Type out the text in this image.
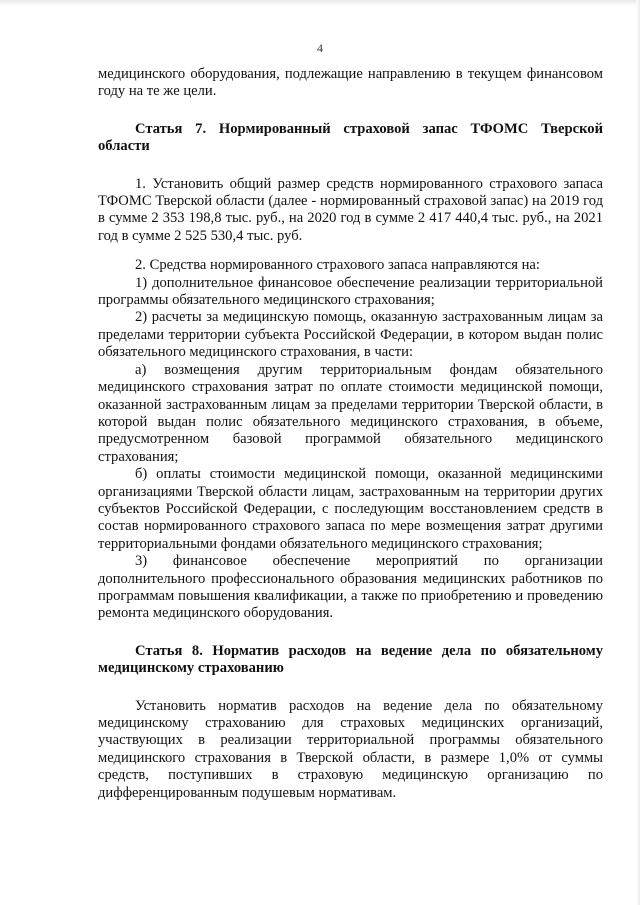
4

медицинского оборудования, подлежащие направлению в текущем финансовом году на те же цели.

Статья 7. Нормированный страховой запас ТФОМС Тверской области

1. Установить общий размер средств нормированного страхового запаса ТФОМС Тверской области (далее - нормированный страховой запас) на 2019 год в сумме 2 353 198,8 тыс. руб., на 2020 год в сумме 2 417 440,4 тыс. руб., на 2021 год в сумме 2 525 530,4 тыс. руб.

2. Средства нормированного страхового запаса направляются на:

1) дополнительное финансовое обеспечение реализации территориальной программы обязательного медицинского страхования;

2) расчеты за медицинскую помощь, оказанную застрахованным лицам за пределами территории субъекта Российской Федерации, в котором выдан полис обязательного медицинского страхования, в части:

а) возмещения другим территориальным фондам обязательного медицинского страхования затрат по оплате стоимости медицинской помощи, оказанной застрахованным лицам за пределами территории Тверской области, в которой выдан полис обязательного медицинского страхования, в объеме, предусмотренном базовой программой обязательного медицинского страхования;

б) оплаты стоимости медицинской помощи, оказанной медицинскими организациями Тверской области лицам, застрахованным на территории других субъектов Российской Федерации, с последующим восстановлением средств в состав нормированного страхового запаса по мере возмещения затрат другими территориальными фондами обязательного медицинского страхования;

3) финансовое обеспечение мероприятий по организации дополнительного профессионального образования медицинских работников по программам повышения квалификации, а также по приобретению и проведению ремонта медицинского оборудования.

Статья 8. Норматив расходов на ведение дела по обязательному медицинскому страхованию

Установить норматив расходов на ведение дела по обязательному медицинскому страхованию для страховых медицинских организаций, участвующих в реализации территориальной программы обязательного медицинского страхования в Тверской области, в размере 1,0% от суммы средств, поступивших в страховую медицинскую организацию по дифференцированным подушевым нормативам.
